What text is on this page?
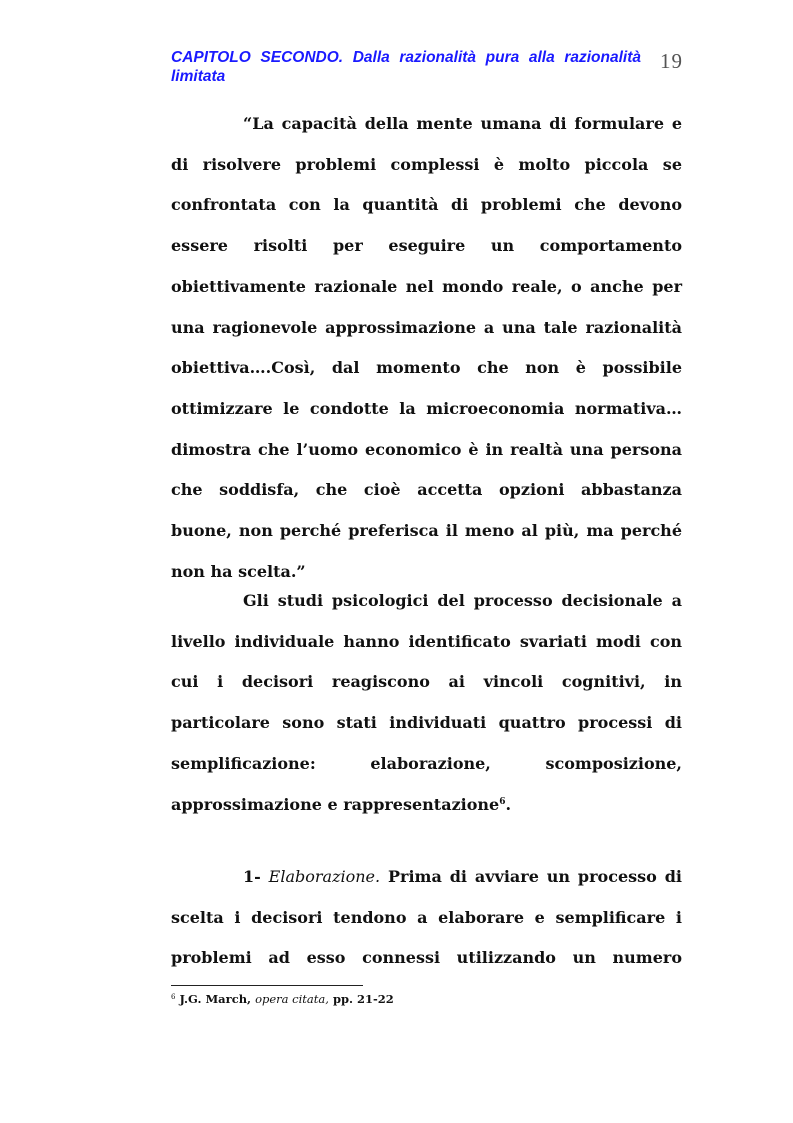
CAPITOLO SECONDO. Dalla razionalità pura alla razionalità limitata
19

“La capacità della mente umana di formulare e di risolvere problemi complessi è molto piccola se confrontata con la quantità di problemi che devono essere risolti per eseguire un comportamento obiettivamente razionale nel mondo reale, o anche per una ragionevole approssimazione a una tale razionalità obiettiva….Così, dal momento che non è possibile ottimizzare le condotte la microeconomia normativa…dimostra che l’uomo economico è in realtà una persona che soddisfa, che cioè accetta opzioni abbastanza buone, non perché preferisca il meno al più, ma perché non ha scelta.”

Gli studi psicologici del processo decisionale a livello individuale hanno identificato svariati modi con cui i decisori reagiscono ai vincoli cognitivi, in particolare sono stati individuati quattro processi di semplificazione: elaborazione, scomposizione, approssimazione e rappresentazione$^6$.

1- Elaborazione. Prima di avviare un processo di scelta i decisori tendono a elaborare e semplificare i problemi ad esso connessi utilizzando un numero

$^6$ J.G. March, opera citata, pp. 21-22
